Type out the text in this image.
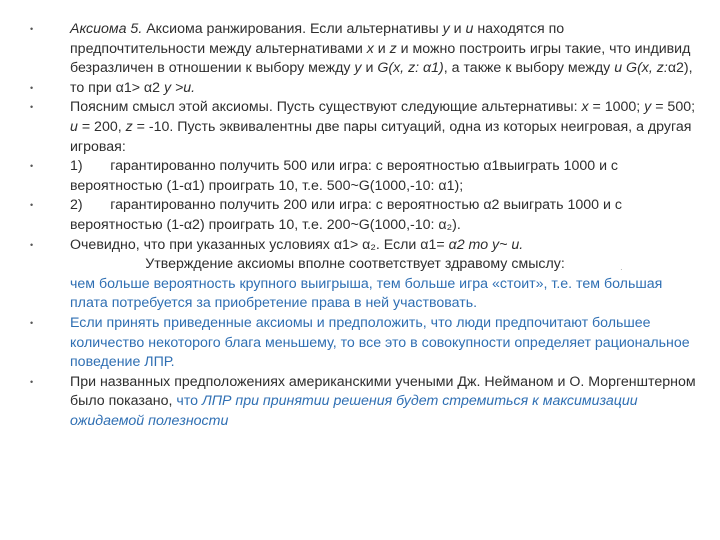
•	Аксиома 5. Аксиома ранжирования. Если альтернативы y и u находятся по предпочтительности между альтернативами x и z и можно построить игры такие, что индивид безразличен в отношении к выбору между y и G(x, z: α1), а также к выбору между и G(x, z:α2),
•	то при α1> α2 y >u.
•	Поясним смысл этой аксиомы. Пусть существуют следующие альтернативы: x = 1000; y = 500; u = 200, z = -10. Пусть эквивалентны две пары ситуаций, одна из которых неигровая, а другая игровая:
•	1)       гарантированно получить 500 или игра: с вероятностью α1выиграть 1000 и с вероятностью (1-α1) проиграть 10, т.е. 500~G(1000,-10: α1);
•	2)       гарантированно получить 200 или игра: с вероятностью α2 выиграть 1000 и с вероятностью (1-α2) проиграть 10, т.е. 200~G(1000,-10: α₂).
•	Очевидно, что при указанных условиях α1> α₂. Если α1= α2 то у~ u.
Утверждение аксиомы вполне соответствует здравому смыслу:
чем больше вероятность крупного выигрыша, тем больше игра «стоит», т.е. тем большая плата потребуется за приобретение права в ней участвовать.
•	Если принять приведенные аксиомы и предположить, что люди предпочитают большее количество некоторого блага меньшему, то все это в совокупности определяет рациональное поведение ЛПР.
•	При названных предположениях американскими учеными Дж. Нейманом и О. Моргенштерном было показано, что ЛПР при принятии решения будет стремиться к максимизации ожидаемой полезности
·
